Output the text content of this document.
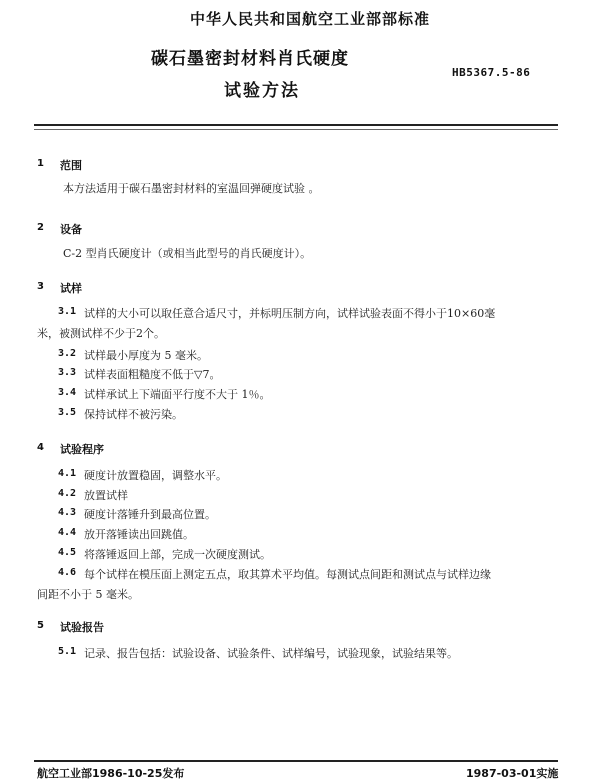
中华人民共和国航空工业部部标准
碳石墨密封材料肖氏硬度
试验方法
HB5367.5-86
1 范围
本方法适用于碳石墨密封材料的室温回弹硬度试验 。
2 设备
C-2 型肖氏硬度计（或相当此型号的肖氏硬度计）。
3 试样
3.1 试样的大小可以取任意合适尺寸，并标明压制方向，试样试验表面不得小于10×60毫
米，被测试样不少于2个。
3.2 试样最小厚度为 5 毫米。
3.3 试样表面粗糙度不低于▽7。
3.4 试样承试上下端面平行度不大于 1％。
3.5 保持试样不被污染。
4 试验程序
4.1 硬度计放置稳固，调整水平。
4.2 放置试样
4.3 硬度计落锤升到最高位置。
4.4 放开落锤读出回跳值。
4.5 将落锤返回上部，完成一次硬度测试。
4.6 每个试样在模压面上测定五点，取其算术平均值。每测试点间距和测试点与试样边缘
间距不小于 5 毫米。
5 试验报告
5.1 记录、报告包括：试验设备、试验条件、试样编号，试验现象，试验结果等。
航空工业部1986-10-25发布	1987-03-01实施
